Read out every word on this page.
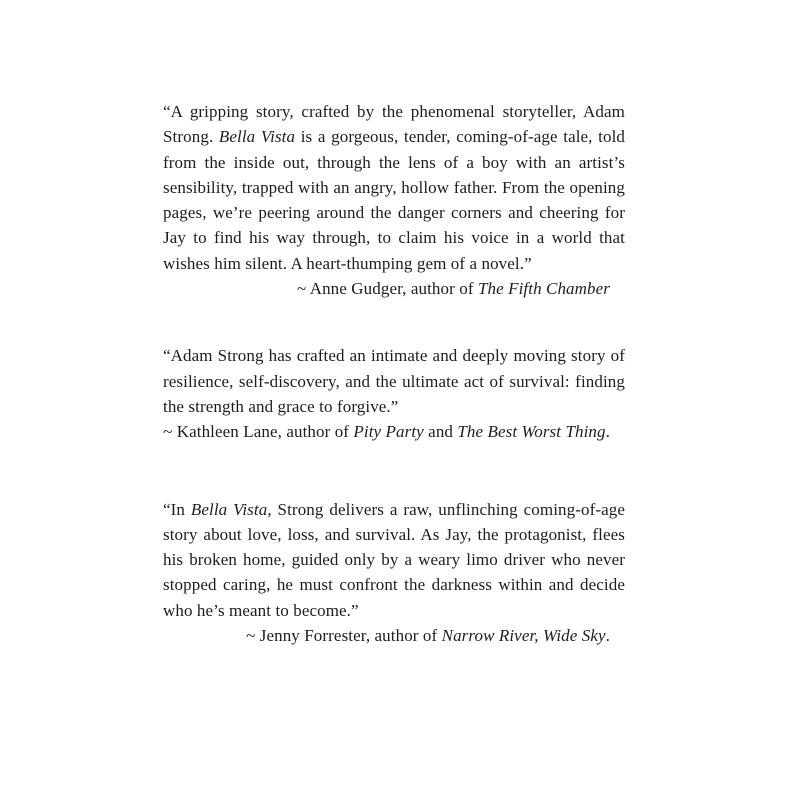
“A gripping story, crafted by the phenomenal storyteller, Adam Strong. Bella Vista is a gorgeous, tender, coming-of-age tale, told from the inside out, through the lens of a boy with an artist’s sensibility, trapped with an angry, hollow father. From the opening pages, we’re peering around the danger corners and cheering for Jay to find his way through, to claim his voice in a world that wishes him silent. A heart-thumping gem of a novel.”

~ Anne Gudger, author of The Fifth Chamber

“Adam Strong has crafted an intimate and deeply moving story of resilience, self-discovery, and the ultimate act of survival: finding the strength and grace to forgive.”

~ Kathleen Lane, author of Pity Party and The Best Worst Thing.

“In Bella Vista, Strong delivers a raw, unflinching coming-of-age story about love, loss, and survival. As Jay, the protagonist, flees his broken home, guided only by a weary limo driver who never stopped caring, he must confront the darkness within and decide who he’s meant to become.”

~ Jenny Forrester, author of Narrow River, Wide Sky.
